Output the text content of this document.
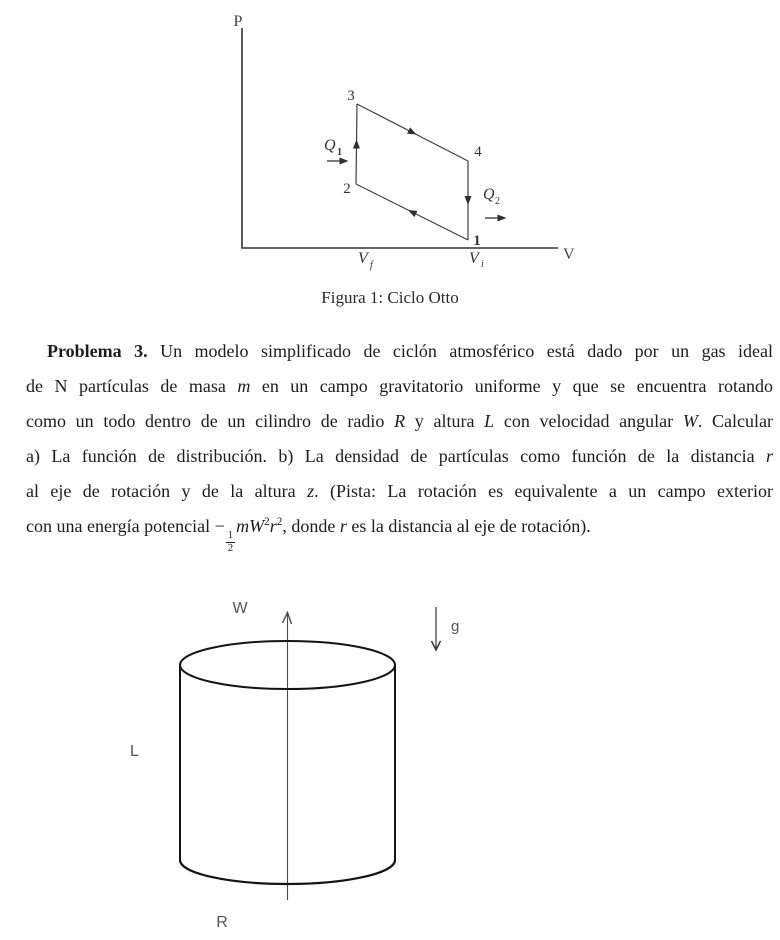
P
V
3
2
4
1
Q 1
Q 2
V f	V i
Figura 1: Ciclo Otto
Problema 3. Un modelo simplificado de ciclón atmosférico está dado por un gas ideal
de N partículas de masa m en un campo gravitatorio uniforme y que se encuentra rotando
como un todo dentro de un cilindro de radio R y altura L con velocidad angular W. Calcular
a) La función de distribución. b) La densidad de partículas como función de la distancia r
al eje de rotación y de la altura z. (Pista: La rotación es equivalente a un campo exterior
con una energía potencial −
$\frac{1}{2}$
$mW^2r^2$, donde r es la distancia al eje de rotación).
W
g
L
R
